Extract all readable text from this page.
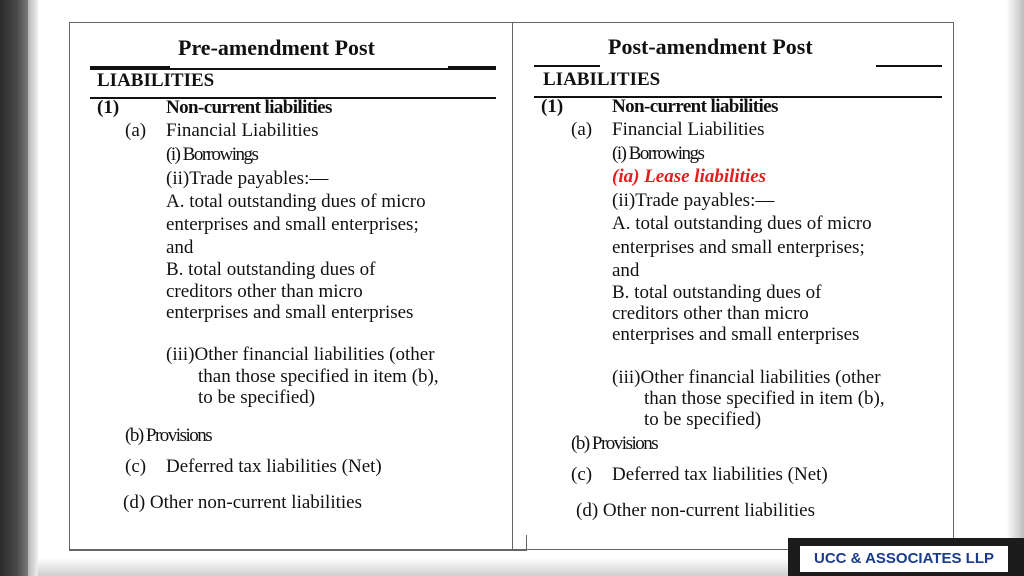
Pre-amendment Post
LIABILITIES
(1) Non-current liabilities
(a) Financial Liabilities
(i) Borrowings
(ii)Trade payables:—
A. total outstanding dues of micro
enterprises and small enterprises;
and
B. total outstanding dues of
creditors other than micro
enterprises and small enterprises
(iii)Other financial liabilities (other
than those specified in item (b),
to be specified)
(b) Provisions
(c) Deferred tax liabilities (Net)
(d) Other non-current liabilities
Post-amendment Post
LIABILITIES
(1)	Non-current liabilities
(a) Financial Liabilities
(i) Borrowings
(ia) Lease liabilities
(ii)Trade payables:—
A. total outstanding dues of micro
enterprises and small enterprises;
and
B. total outstanding dues of
creditors other than micro
enterprises and small enterprises
(iii)Other financial liabilities (other
than those specified in item (b),
to be specified)
(b) Provisions
(c) Deferred tax liabilities (Net)
(d) Other non-current liabilities
UCC & ASSOCIATES LLP
